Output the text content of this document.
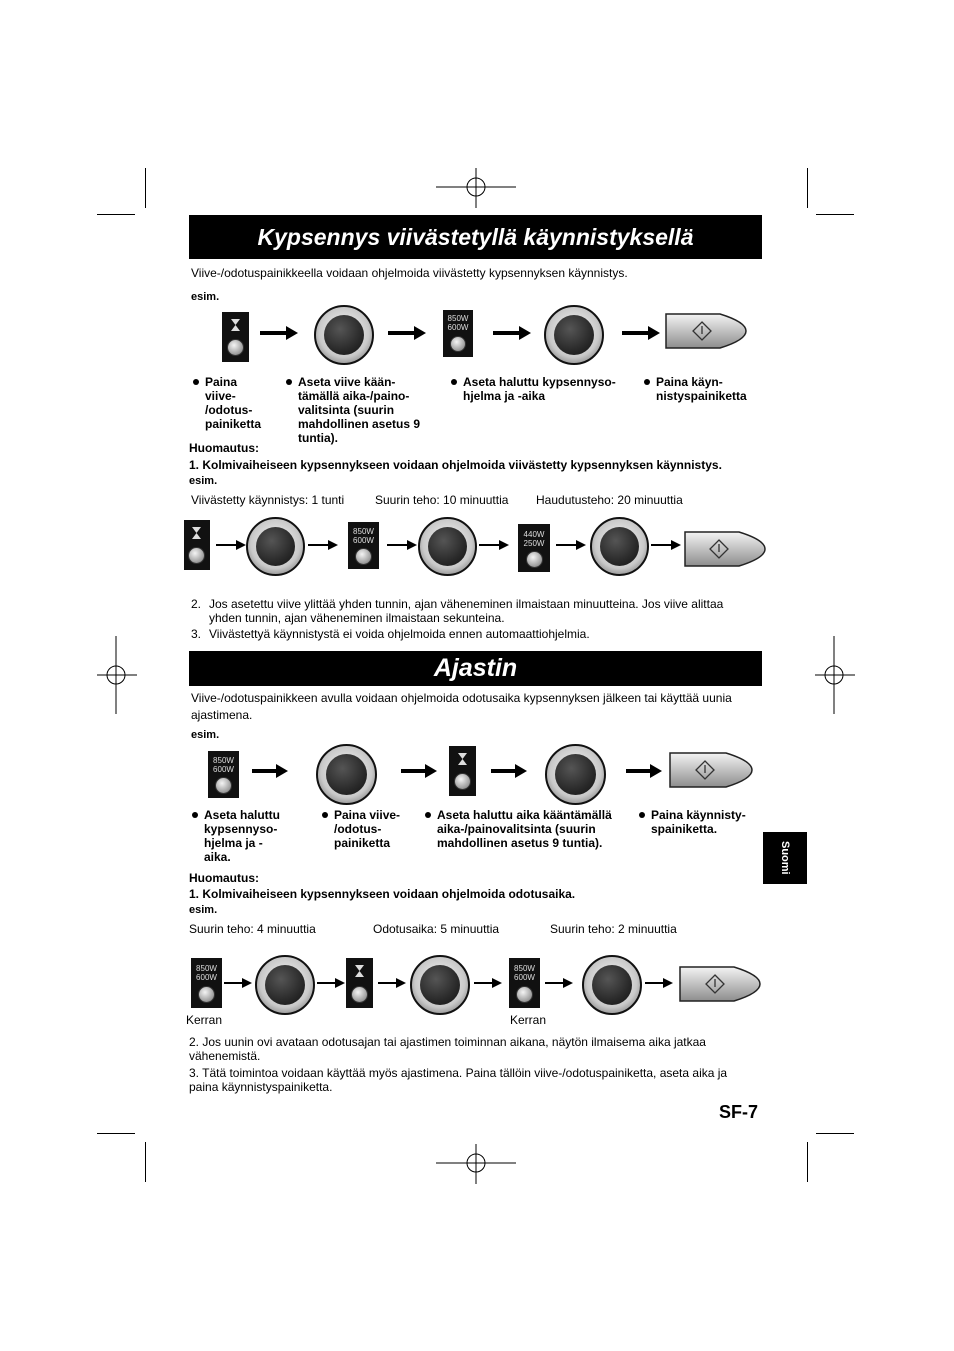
Kypsennys viivästetyllä käynnistyksellä
Viive-/odotuspainikkeella voidaan ohjelmoida viivästetty kypsennyksen käynnistys.
esim.
850W
600W
Paina viive- /odotus- painiketta
Aseta viive kään- tämällä aika-/paino- valitsinta (suurin mahdollinen asetus 9 tuntia).
Aseta haluttu kypsennyso- hjelma ja -aika
Paina käyn- nistyspainiketta
Huomautus:
1. Kolmivaiheiseen kypsennykseen voidaan ohjelmoida viivästetty kypsennyksen käynnistys.
esim.
Viivästetty käynnistys: 1 tunti	Suurin teho: 10 minuuttia Haudutusteho: 20 minuuttia
850W
600W
440W
250W
2. Jos asetettu viive ylittää yhden tunnin, ajan väheneminen ilmaistaan minuutteina. Jos viive alittaa yhden tunnin, ajan väheneminen ilmaistaan sekunteina.
3. Viivästettyä käynnistystä ei voida ohjelmoida ennen automaattiohjelmia.
Ajastin
Viive-/odotuspainikkeen avulla voidaan ohjelmoida odotusaika kypsennyksen jälkeen tai käyttää uunia ajastimena.
esim.
850W
600W
Aseta haluttu kypsennyso- hjelma ja - aika.
Paina viive- /odotus- painiketta
Aseta haluttu aika kääntämällä aika-/painovalitsinta (suurin mahdollinen asetus 9 tuntia).
Paina käynnisty- spainiketta.
Suomi
Huomautus:
1. Kolmivaiheiseen kypsennykseen voidaan ohjelmoida odotusaika.
esim.
Suurin teho: 4 minuuttia	Odotusaika: 5 minuuttia	Suurin teho: 2 minuuttia
850W
600W
850W
600W
Kerran	Kerran
2. Jos uunin ovi avataan odotusajan tai ajastimen toiminnan aikana, näytön ilmaisema aika jatkaa vähenemistä.
3. Tätä toimintoa voidaan käyttää myös ajastimena. Paina tällöin viive-/odotuspainiketta, aseta aika ja paina käynnistyspainiketta.
SF-7
